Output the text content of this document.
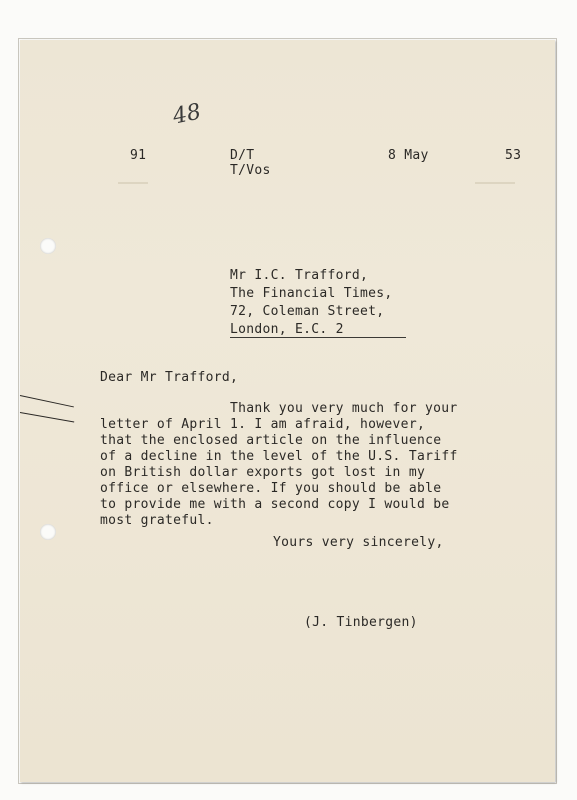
48
91	D/T
T/Vos
8 May	53
Mr I.C. Trafford,
The Financial Times,
72, Coleman Street,
London, E.C. 2
Dear Mr Trafford,
Thank you very much for your
letter of April 1. I am afraid, however,
that the enclosed article on the influence
of a decline in the level of the U.S. Tariff
on British dollar exports got lost in my
office or elsewhere. If you should be able
to provide me with a second copy I would be
most grateful.
Yours very sincerely,
(J. Tinbergen)
